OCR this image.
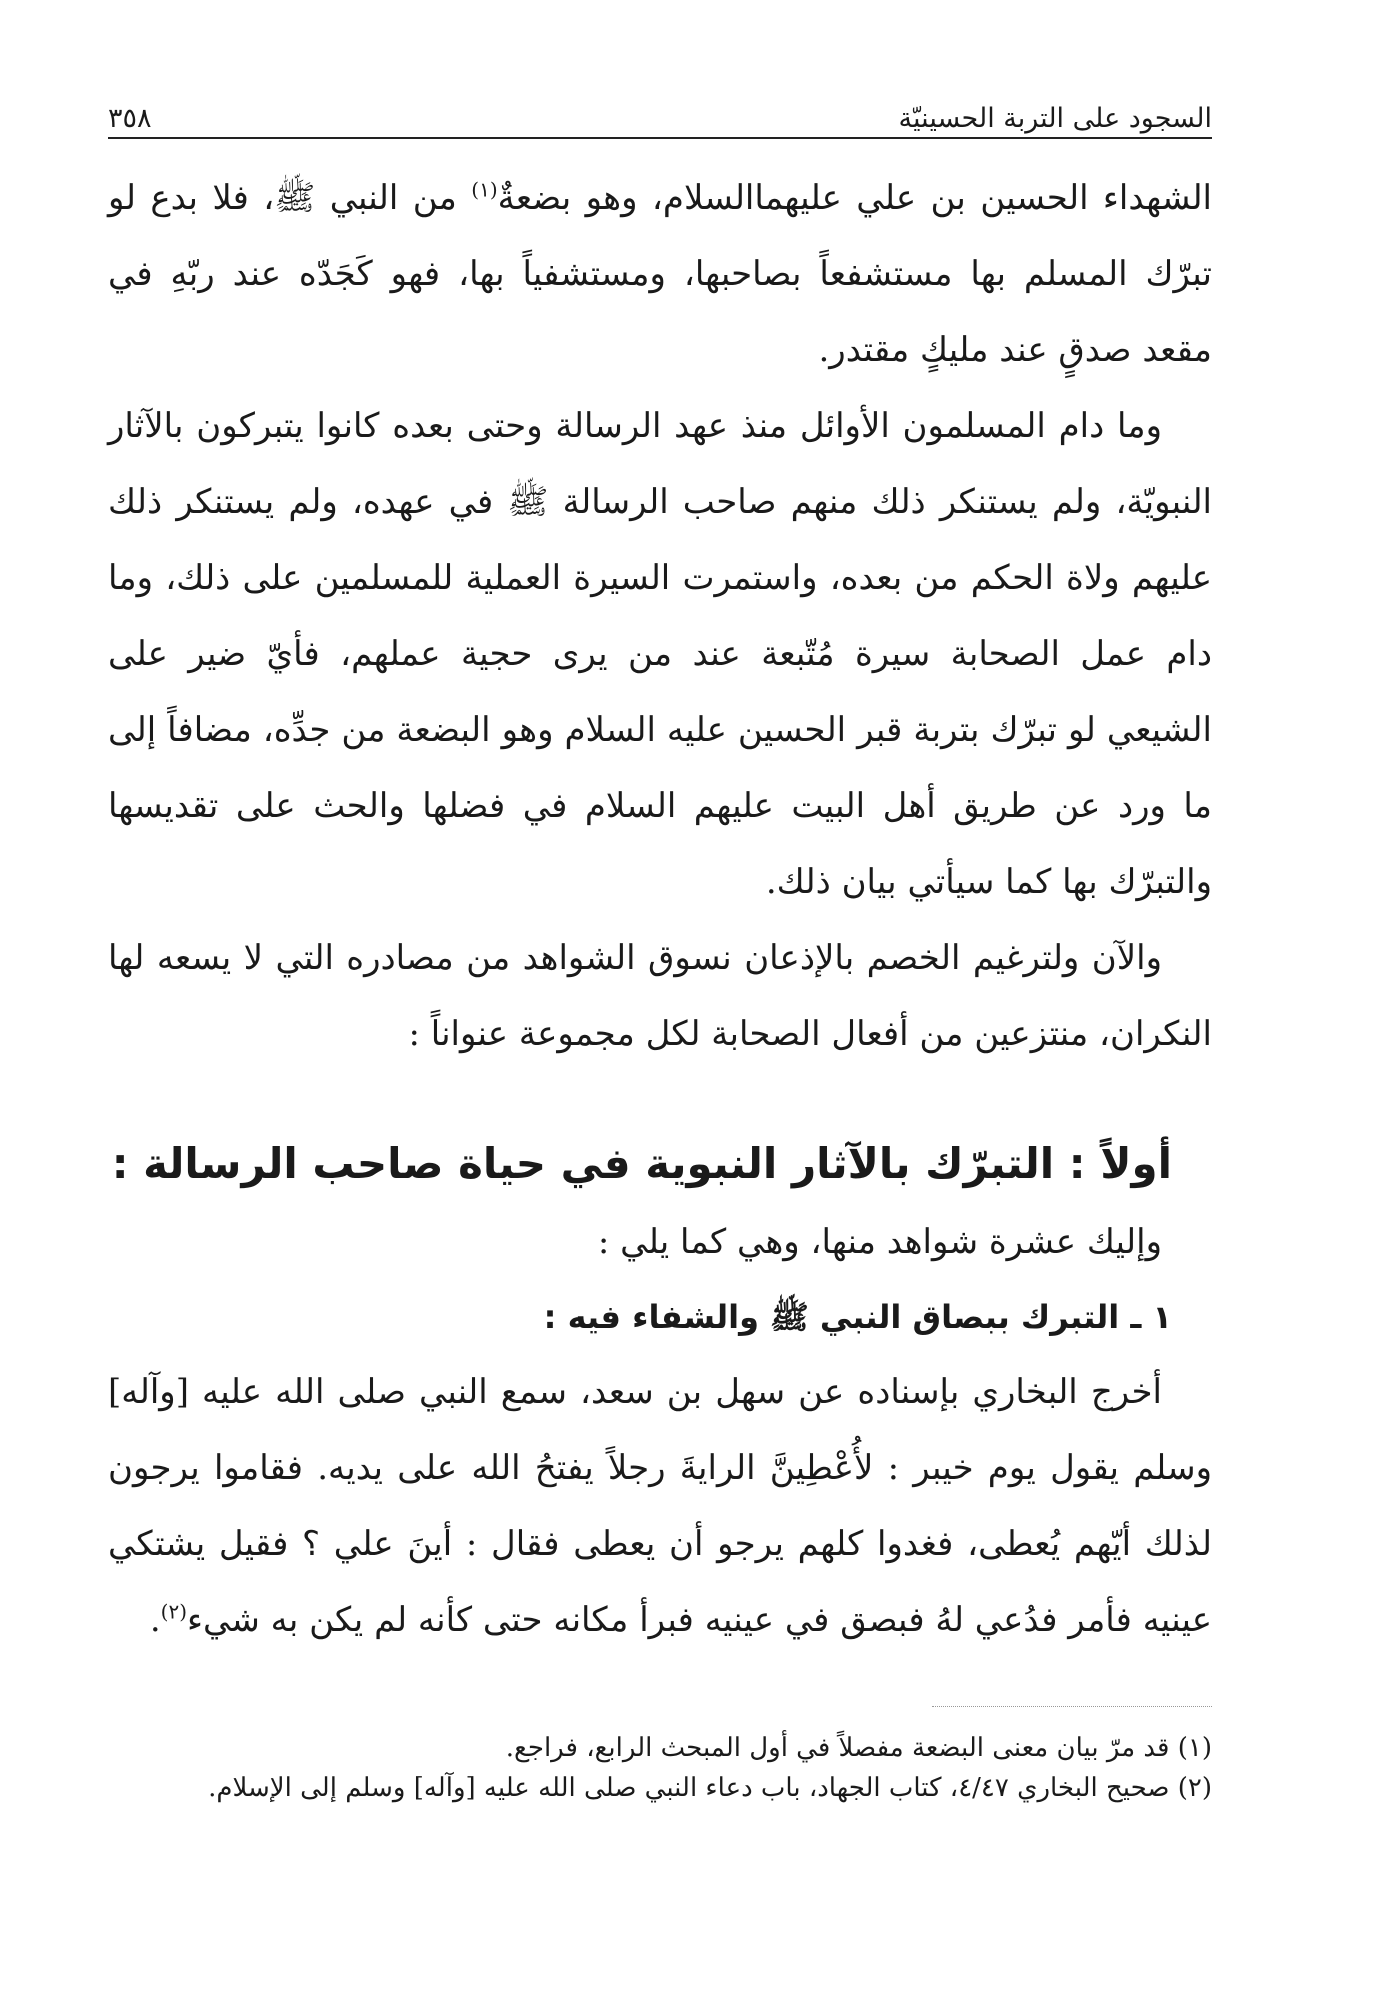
السجود على التربة الحسينيّة
٣٥٨

الشهداء الحسين بن علي عليهماالسلام، وهو بضعةٌ$^{(١)}$ من النبي ﷺ، فلا بدع لو تبرّك المسلم بها مستشفعاً بصاحبها، ومستشفياً بها، فهو كَجَدّه عند ربّهِ في مقعد صدقٍ عند مليكٍ مقتدر.

وما دام المسلمون الأوائل منذ عهد الرسالة وحتى بعده كانوا يتبركون بالآثار النبويّة، ولم يستنكر ذلك منهم صاحب الرسالة ﷺ في عهده، ولم يستنكر ذلك عليهم ولاة الحكم من بعده، واستمرت السيرة العملية للمسلمين على ذلك، وما دام عمل الصحابة سيرة مُتّبعة عند من يرى حجية عملهم، فأيّ ضير على الشيعي لو تبرّك بتربة قبر الحسين عليه السلام وهو البضعة من جدِّه، مضافاً إلى ما ورد عن طريق أهل البيت عليهم السلام في فضلها والحث على تقديسها والتبرّك بها كما سيأتي بيان ذلك.

والآن ولترغيم الخصم بالإذعان نسوق الشواهد من مصادره التي لا يسعه لها النكران، منتزعين من أفعال الصحابة لكل مجموعة عنواناً :

أولاً : التبرّك بالآثار النبوية في حياة صاحب الرسالة :

وإليك عشرة شواهد منها، وهي كما يلي :

١ ـ التبرك ببصاق النبي ﷺ والشفاء فيه :

أخرج البخاري بإسناده عن سهل بن سعد، سمع النبي صلى الله عليه [وآله] وسلم يقول يوم خيبر : لأُعْطِينَّ الرايةَ رجلاً يفتحُ الله على يديه. فقاموا يرجون لذلك أيّهم يُعطى، فغدوا كلهم يرجو أن يعطى فقال : أينَ علي ؟ فقيل يشتكي عينيه فأمر فدُعي لهُ فبصق في عينيه فبرأ مكانه حتى كأنه لم يكن به شيء$^{(٢)}$.

(١) قد مرّ بيان معنى البضعة مفصلاً في أول المبحث الرابع، فراجع.

(٢) صحيح البخاري ٤/٤٧، كتاب الجهاد، باب دعاء النبي صلى الله عليه [وآله] وسلم إلى الإسلام.
